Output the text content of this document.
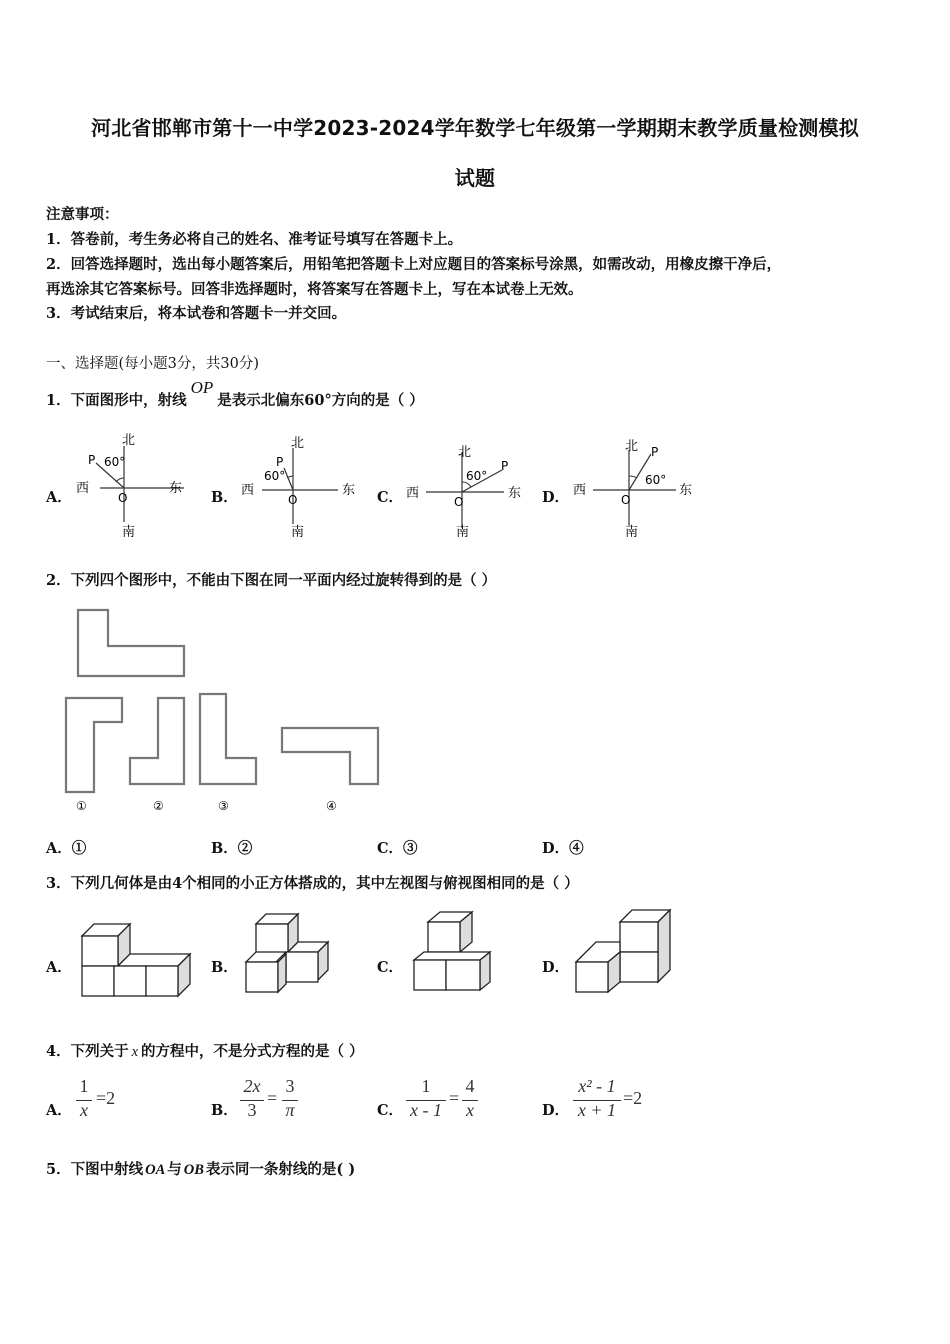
河北省邯郸市第十一中学2023-2024学年数学七年级第一学期期末教学质量检测模拟
试题
注意事项：
1．答卷前，考生务必将自己的姓名、准考证号填写在答题卡上。
2．回答选择题时，选出每小题答案后，用铅笔把答题卡上对应题目的答案标号涂黑，如需改动，用橡皮擦干净后，
再选涂其它答案标号。回答非选择题时，将答案写在答题卡上，写在本试卷上无效。
3．考试结束后，将本试卷和答题卡一并交回。
一、选择题(每小题3分，共30分)
1．下面图形中，射线OP是表示北偏东60°方向的是（ ）
A．	B．	C．	D．
北
南
东
西
O
P 60°
北
南
东
西
O
P
60°
北
南
东
西
O
P
60°
北
南
东
西
O
P
60°
2．下列四个图形中，不能由下图在同一平面内经过旋转得到的是（ ）
①	②	③	④
A．①	B．②	C．③	D．④
3．下列几何体是由4个相同的小正方体搭成的，其中左视图与俯视图相同的是（ ）
A．	B．	C．	D．
4．下列关于 x 的方程中，不是分式方程的是（ ）
A．	B．	C．	D．
1
x
=2
2x
3
=
3
π
1
x - 1
=
4
x
x² - 1
x + 1
=2
5．下图中射线 OA 与 OB 表示同一条射线的是( )
